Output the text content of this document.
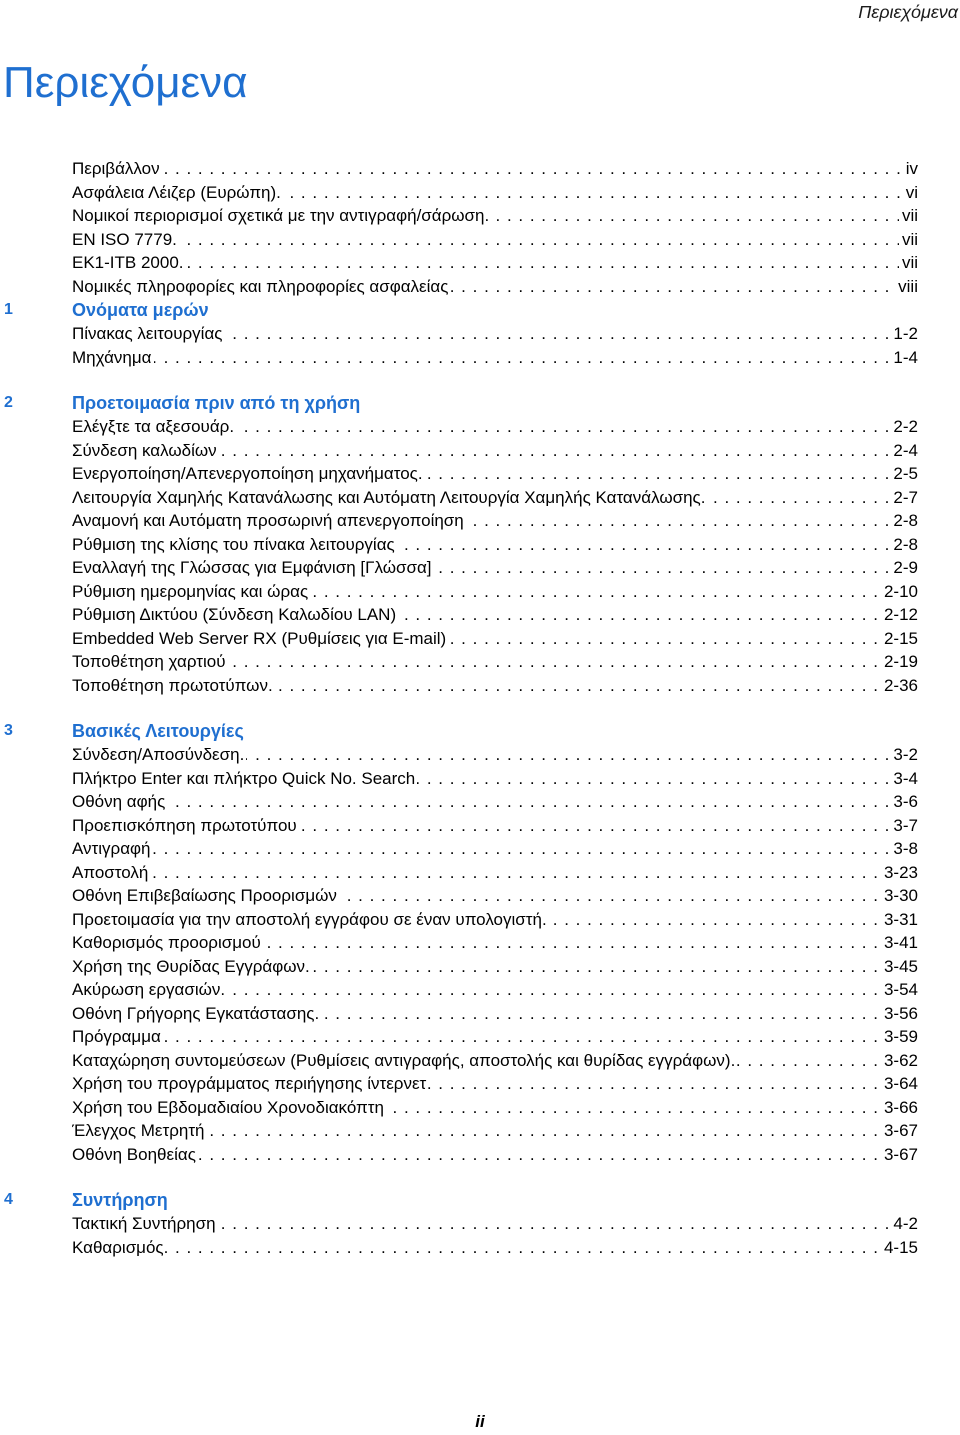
Περιεχόμενα
Περιεχόμενα
Περιβάλλον	iv
. . .
Ασφάλεια Λέιζερ (Ευρώπη).	vi
. . .
Νομικοί περιορισμοί σχετικά με την αντιγραφή/σάρωση.	vii
. . .
EN ISO 7779.	vii
. . .
EK1-ITB 2000.	vii
. . .
Νομικές πληροφορίες και πληροφορίες ασφαλείας	viii
. . .
1	Ονόματα μερών
Πίνακας λειτουργίας	1-2
. . .
Μηχάνημα	1-4
. . .
2	Προετοιμασία πριν από τη χρήση
Ελέγξτε τα αξεσουάρ.	2-2
. . .
Σύνδεση καλωδίων	2-4
. . .
Ενεργοποίηση/Απενεργοποίηση μηχανήματος.	2-5
. . .
Λειτουργία Χαμηλής Κατανάλωσης και Αυτόματη Λειτουργία Χαμηλής Κατανάλωσης.	2-7
. . .
Αναμονή και Αυτόματη προσωρινή απενεργοποίηση	2-8
. . .
Ρύθμιση της κλίσης του πίνακα λειτουργίας	2-8
. . .
Εναλλαγή της Γλώσσας για Εμφάνιση [Γλώσσα]	2-9
. . .
Ρύθμιση ημερομηνίας και ώρας	2-10
. . .
Ρύθμιση Δικτύου (Σύνδεση Καλωδίου LAN)	2-12
. . .
Embedded Web Server RX (Ρυθμίσεις για E-mail)	2-15
. . .
Τοποθέτηση χαρτιού	2-19
. . .
Τοποθέτηση πρωτοτύπων.	2-36
. . .
3	Βασικές Λειτουργίες
Σύνδεση/Αποσύνδεση.	3-2
. . .
Πλήκτρο Enter και πλήκτρο Quick No. Search	3-4
. . .
Οθόνη αφής	3-6
. . .
Προεπισκόπηση πρωτοτύπου	3-7
. . .
Αντιγραφή	3-8
. . .
Αποστολή	3-23
. . .
Οθόνη Επιβεβαίωσης Προορισμών	3-30
. . .
Προετοιμασία για την αποστολή εγγράφου σε έναν υπολογιστή.	3-31
. . .
Καθορισμός προορισμού	3-41
. . .
Χρήση της Θυρίδας Εγγράφων.	3-45
. . .
Ακύρωση εργασιών.	3-54
. . .
Οθόνη Γρήγορης Εγκατάστασης.	3-56
. . .
Πρόγραμμα	3-59
. . .
Καταχώρηση συντομεύσεων (Ρυθμίσεις αντιγραφής, αποστολής και θυρίδας εγγράφων).	3-62
. . .
Χρήση του προγράμματος περιήγησης ίντερνετ	3-64
. . .
Χρήση του Εβδομαδιαίου Χρονοδιακόπτη	3-66
. . .
Έλεγχος Μετρητή	3-67
. . .
Οθόνη Βοηθείας	3-67
. . .
4	Συντήρηση
Τακτική Συντήρηση	4-2
. . .
Καθαρισμός.	4-15
. . .
ii
